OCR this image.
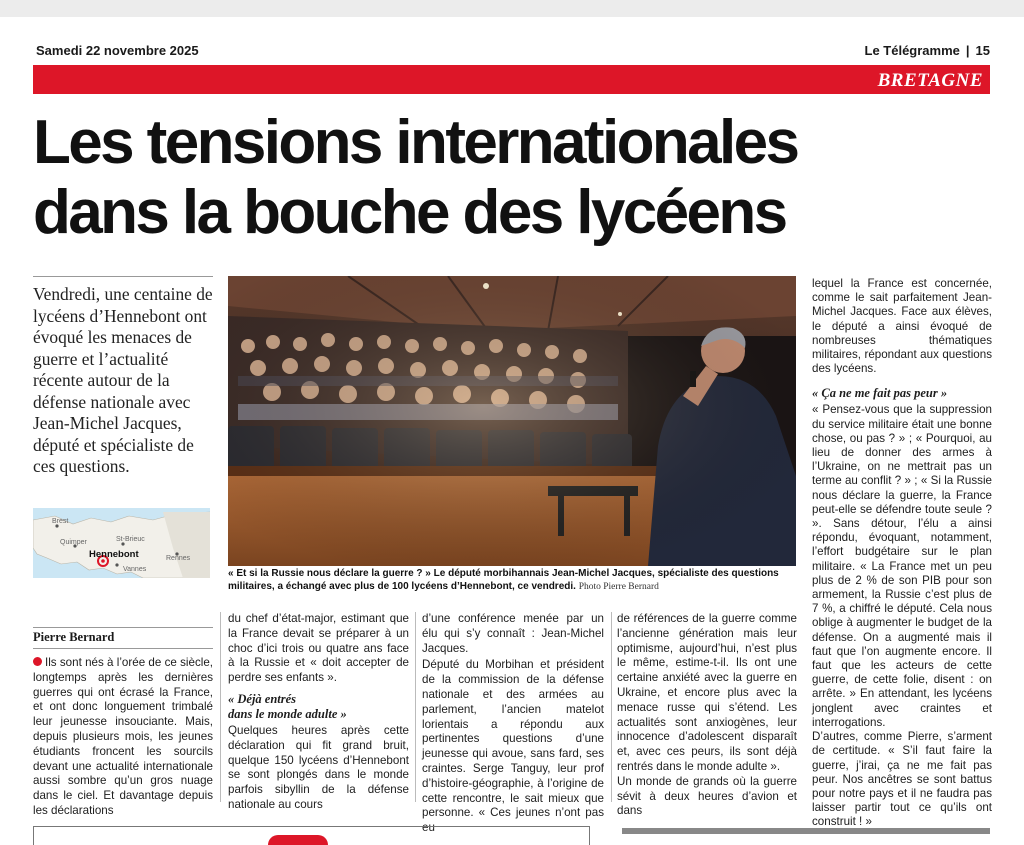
Samedi 22 novembre 2025	Le Télégramme | 15
BRETAGNE
Les tensions internationales
dans la bouche des lycéens
Vendredi, une centaine de lycéens d’Hennebont ont évoqué les menaces de guerre et l’actualité récente autour de la défense nationale avec Jean-Michel Jacques, député et spécialiste de ces questions.
Brest
Quimper	St-Brieuc
Hennebont
Vannes
Rennes
« Et si la Russie nous déclare la guerre ? » Le député morbihannais Jean-Michel Jacques, spécialiste des questions militaires, a échangé avec plus de 100 lycéens d’Hennebont, ce vendredi. Photo Pierre Bernard
Pierre Bernard

Ils sont nés à l’orée de ce siècle, longtemps après les dernières guerres qui ont écrasé la France, et ont donc longuement trimbalé leur jeunesse insouciante. Mais, depuis plusieurs mois, les jeunes étudiants froncent les sourcils devant une actualité internationale aussi sombre qu’un gros nuage dans le ciel. Et davantage depuis les déclarations

du chef d’état-major, estimant que la France devait se préparer à un choc d’ici trois ou quatre ans face à la Russie et « doit accepter de perdre ses enfants ».

« Déjà entrés
dans le monde adulte »

Quelques heures après cette déclaration qui fit grand bruit, quelque 150 lycéens d’Hennebont se sont plongés dans le monde parfois sibyllin de la défense nationale au cours

d’une conférence menée par un élu qui s’y connaît : Jean-Michel Jacques.

Député du Morbihan et président de la commission de la défense nationale et des armées au parlement, l’ancien matelot lorientais a répondu aux pertinentes questions d’une jeunesse qui avoue, sans fard, ses craintes. Serge Tanguy, leur prof d’histoire-géographie, à l’origine de cette rencontre, le sait mieux que personne. « Ces jeunes n’ont pas eu

de références de la guerre comme l’ancienne génération mais leur optimisme, aujourd’hui, n’est plus le même, estime-t-il. Ils ont une certaine anxiété avec la guerre en Ukraine, et encore plus avec la menace russe qui s’étend. Les actualités sont anxiogènes, leur innocence d’adolescent disparaît et, avec ces peurs, ils sont déjà rentrés dans le monde adulte ».

Un monde de grands où la guerre sévit à deux heures d’avion et dans

lequel la France est concernée, comme le sait parfaitement Jean-Michel Jacques. Face aux élèves, le député a ainsi évoqué de nombreuses thématiques militaires, répondant aux questions des lycéens.

« Ça ne me fait pas peur »

« Pensez-vous que la suppression du service militaire était une bonne chose, ou pas ? » ; « Pourquoi, au lieu de donner des armes à l’Ukraine, on ne mettrait pas un terme au conflit ? » ; « Si la Russie nous déclare la guerre, la France peut-elle se défendre toute seule ? ». Sans détour, l’élu a ainsi répondu, évoquant, notamment, l’effort budgétaire sur le plan militaire. « La France met un peu plus de 2 % de son PIB pour son armement, la Russie c’est plus de 7 %, a chiffré le député. Cela nous oblige à augmenter le budget de la défense. On a augmenté mais il faut que l’on augmente encore. Il faut que les acteurs de cette guerre, de cette folie, disent : on arrête. » En attendant, les lycéens jonglent avec craintes et interrogations.

D’autres, comme Pierre, s’arment de certitude. « S’il faut faire la guerre, j’irai, ça ne me fait pas peur. Nos ancêtres se sont battus pour notre pays et il ne faudra pas laisser partir tout ce qu’ils ont construit ! »
